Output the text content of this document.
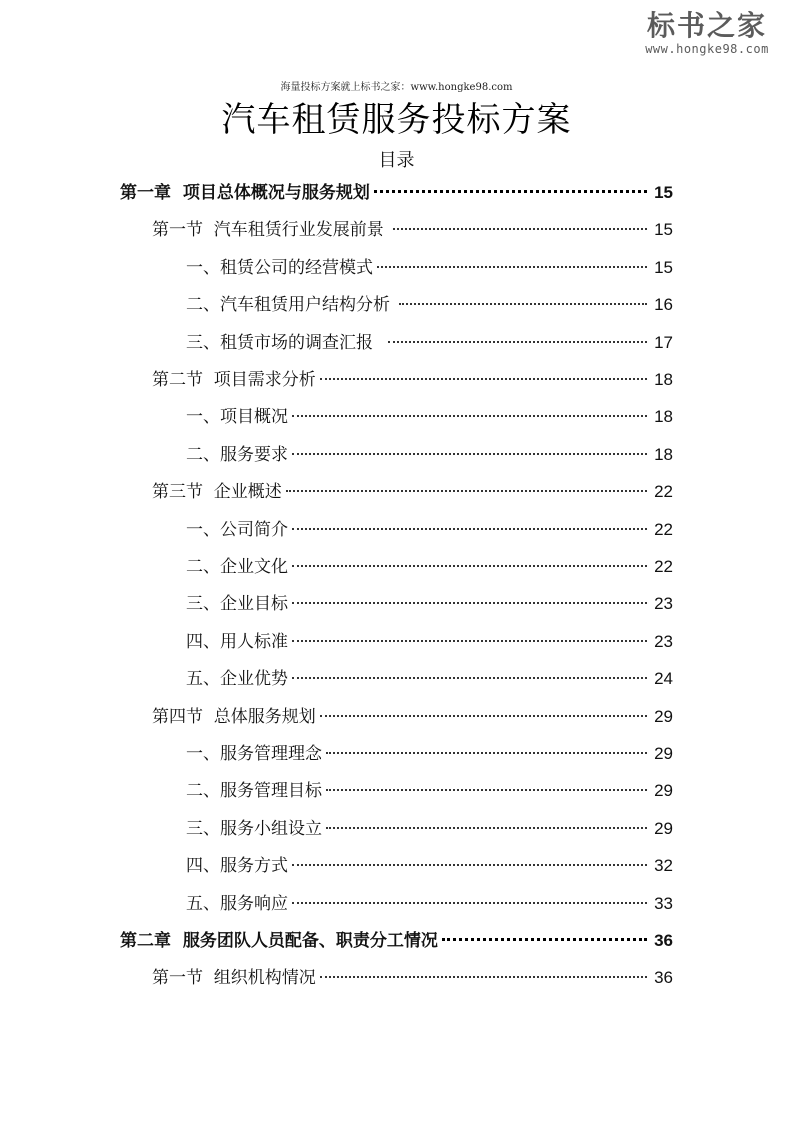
标书之家
www.hongke98.com
海量投标方案就上标书之家：www.hongke98.com
汽车租赁服务投标方案
目录
第一章  项目总体概况与服务规划	15
第一节  汽车租赁行业发展前景	15
一、租赁公司的经营模式	15
二、汽车租赁用户结构分析	16
三、租赁市场的调查汇报	17
第二节  项目需求分析	18
一、项目概况	18
二、服务要求	18
第三节  企业概述	22
一、公司简介	22
二、企业文化	22
三、企业目标	23
四、用人标准	23
五、企业优势	24
第四节  总体服务规划	29
一、服务管理理念	29
二、服务管理目标	29
三、服务小组设立	29
四、服务方式	32
五、服务响应	33
第二章  服务团队人员配备、职责分工情况	36
第一节  组织机构情况	36
